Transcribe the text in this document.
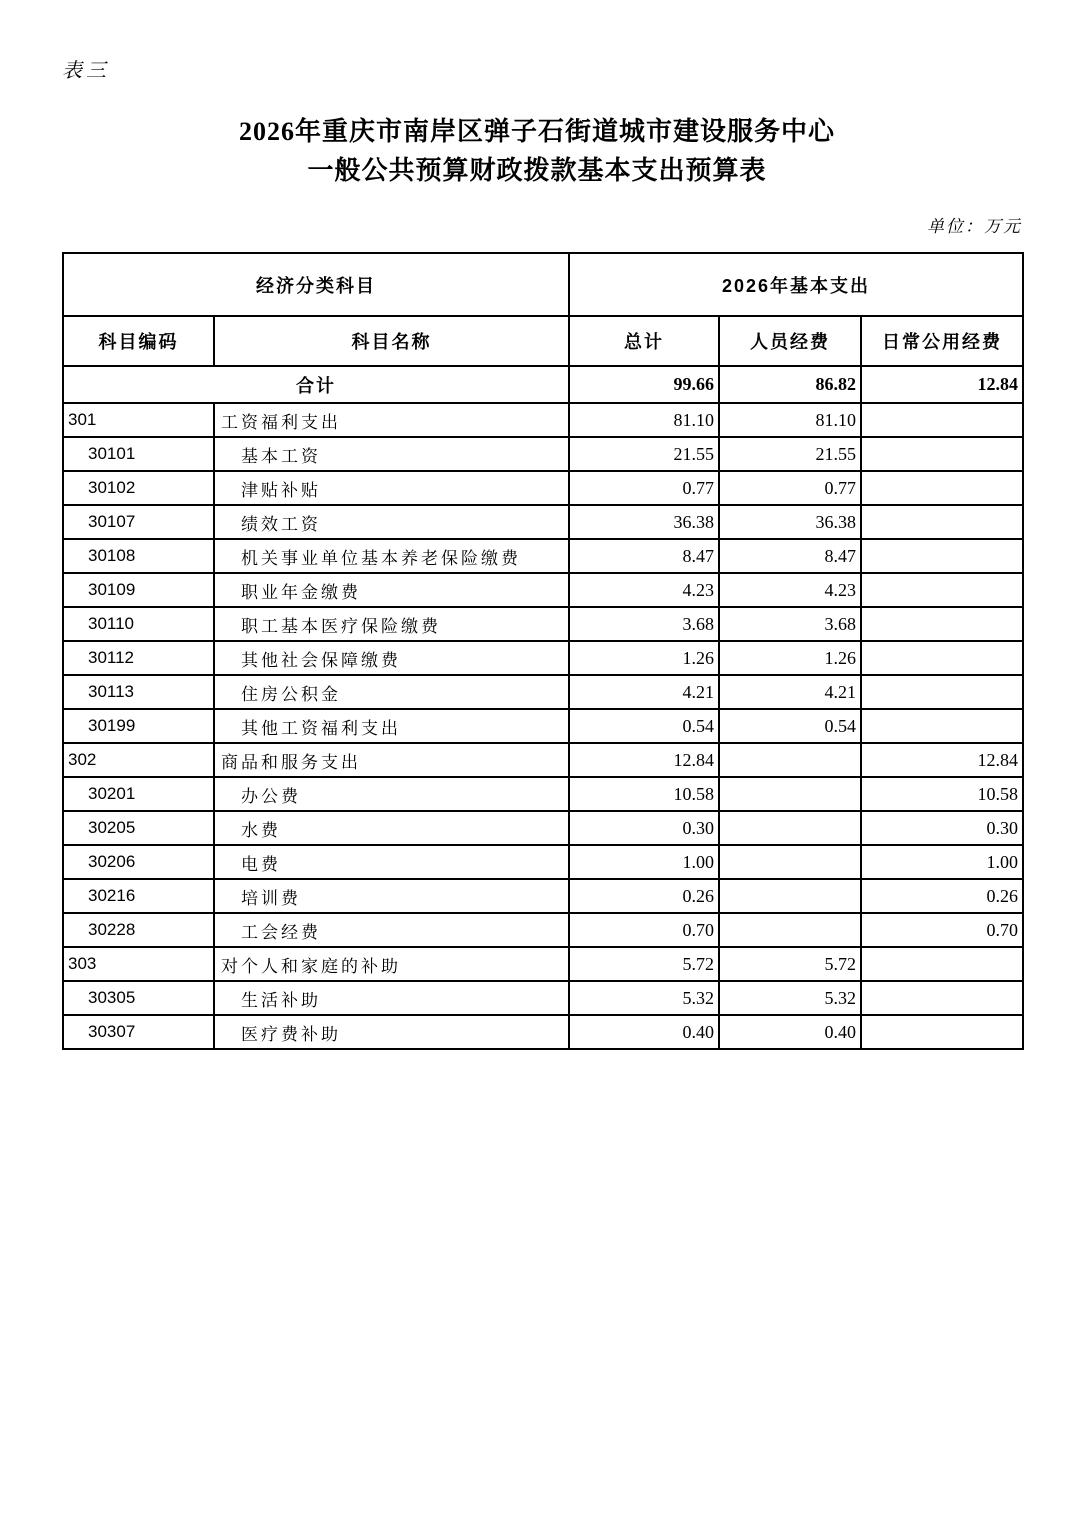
表三
2026年重庆市南岸区弹子石街道城市建设服务中心
一般公共预算财政拨款基本支出预算表
单位：万元
经济分类科目		2026年基本支出		
科目编码	科目名称	总计	人员经费	日常公用经费
合计		99.66	86.82	12.84
301	工资福利支出	81.10	81.10	
30101	基本工资	21.55	21.55	
30102	津贴补贴	0.77	0.77	
30107	绩效工资	36.38	36.38	
30108	机关事业单位基本养老保险缴费	8.47	8.47	
30109	职业年金缴费	4.23	4.23	
30110	职工基本医疗保险缴费	3.68	3.68	
30112	其他社会保障缴费	1.26	1.26	
30113	住房公积金	4.21	4.21	
30199	其他工资福利支出	0.54	0.54	
302	商品和服务支出	12.84		12.84
30201	办公费	10.58		10.58
30205	水费	0.30		0.30
30206	电费	1.00		1.00
30216	培训费	0.26		0.26
30228	工会经费	0.70		0.70
303	对个人和家庭的补助	5.72	5.72	
30305	生活补助	5.32	5.32	
30307	医疗费补助	0.40	0.40	
